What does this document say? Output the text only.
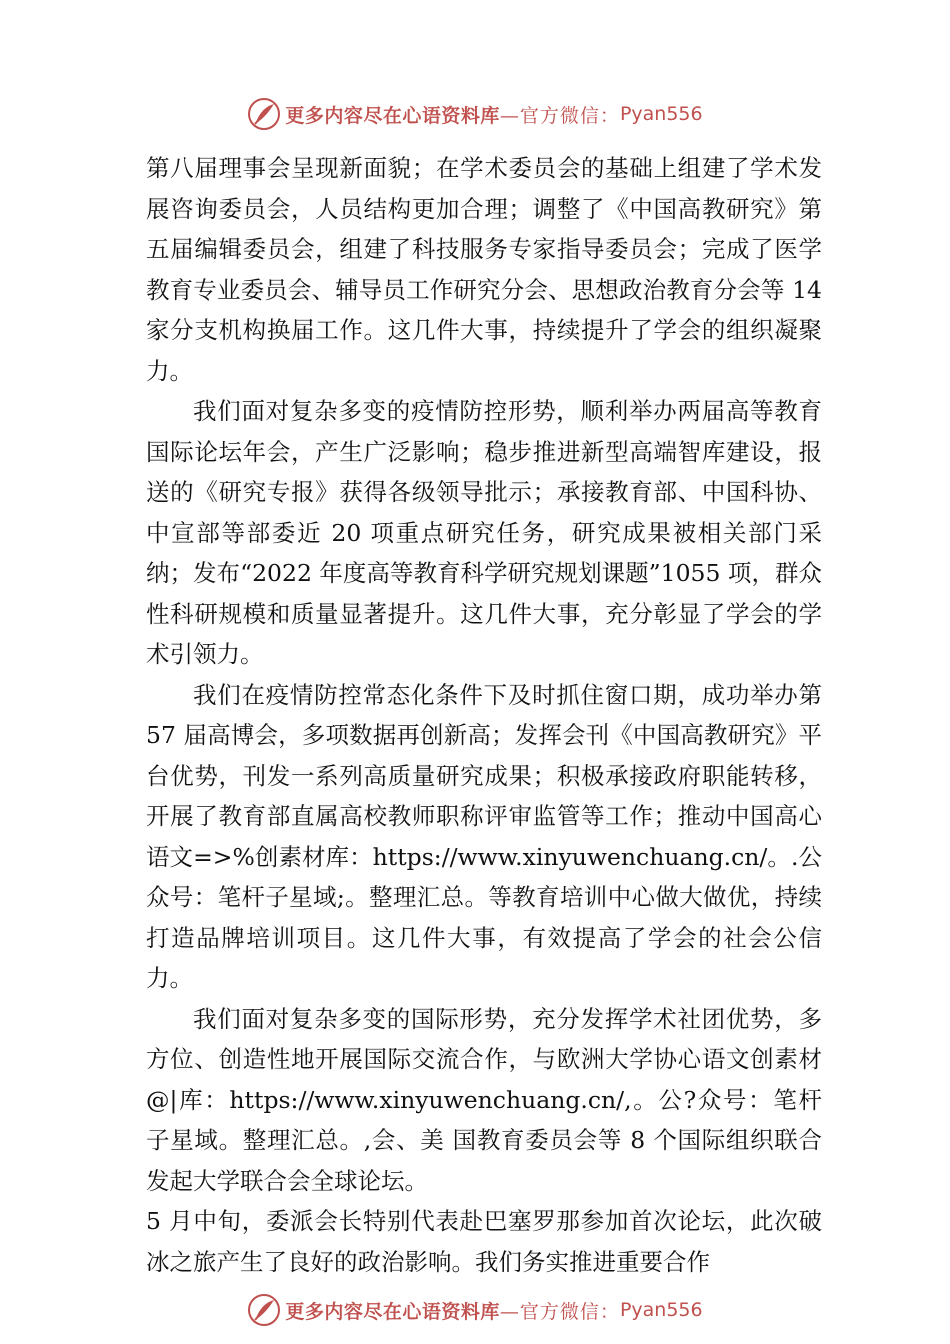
更多内容尽在心语资料库 —官方微信： Pyan556

第八届理事会呈现新面貌；在学术委员会的基础上组建了学术发展咨询委员会，人员结构更加合理；调整了《中国高教研究》第五届编辑委员会，组建了科技服务专家指导委员会；完成了医学教育专业委员会、辅导员工作研究分会、思想政治教育分会等 14 家分支机构换届工作。这几件大事，持续提升了学会的组织凝聚力。

我们面对复杂多变的疫情防控形势，顺利举办两届高等教育国际论坛年会，产生广泛影响；稳步推进新型高端智库建设，报送的《研究专报》获得各级领导批示；承接教育部、中国科协、中宣部等部委近 20 项重点研究任务，研究成果被相关部门采纳；发布“2022 年度高等教育科学研究规划课题”1055 项，群众性科研规模和质量显著提升。这几件大事，充分彰显了学会的学术引领力。

我们在疫情防控常态化条件下及时抓住窗口期，成功举办第 57 届高博会，多项数据再创新高；发挥会刊《中国高教研究》平台优势，刊发一系列高质量研究成果；积极承接政府职能转移，开展了教育部直属高校教师职称评审监管等工作；推动中国高心语文=>%创素材库：https://www.xinyuwenchuang.cn/。.公众号：笔杆子星域;。整理汇总。等教育培训中心做大做优，持续打造品牌培训项目。这几件大事，有效提高了学会的社会公信力。

我们面对复杂多变的国际形势，充分发挥学术社团优势，多方位、创造性地开展国际交流合作，与欧洲大学协心语文创素材@|库：https://www.xinyuwenchuang.cn/,。公?众号：笔杆子星域。整理汇总。,会、美 国教育委员会等 8 个国际组织联合发起大学联合会全球论坛。

5 月中旬，委派会长特别代表赴巴塞罗那参加首次论坛，此次破冰之旅产生了良好的政治影响。我们务实推进重要合作

更多内容尽在心语资料库 —官方微信： Pyan556
